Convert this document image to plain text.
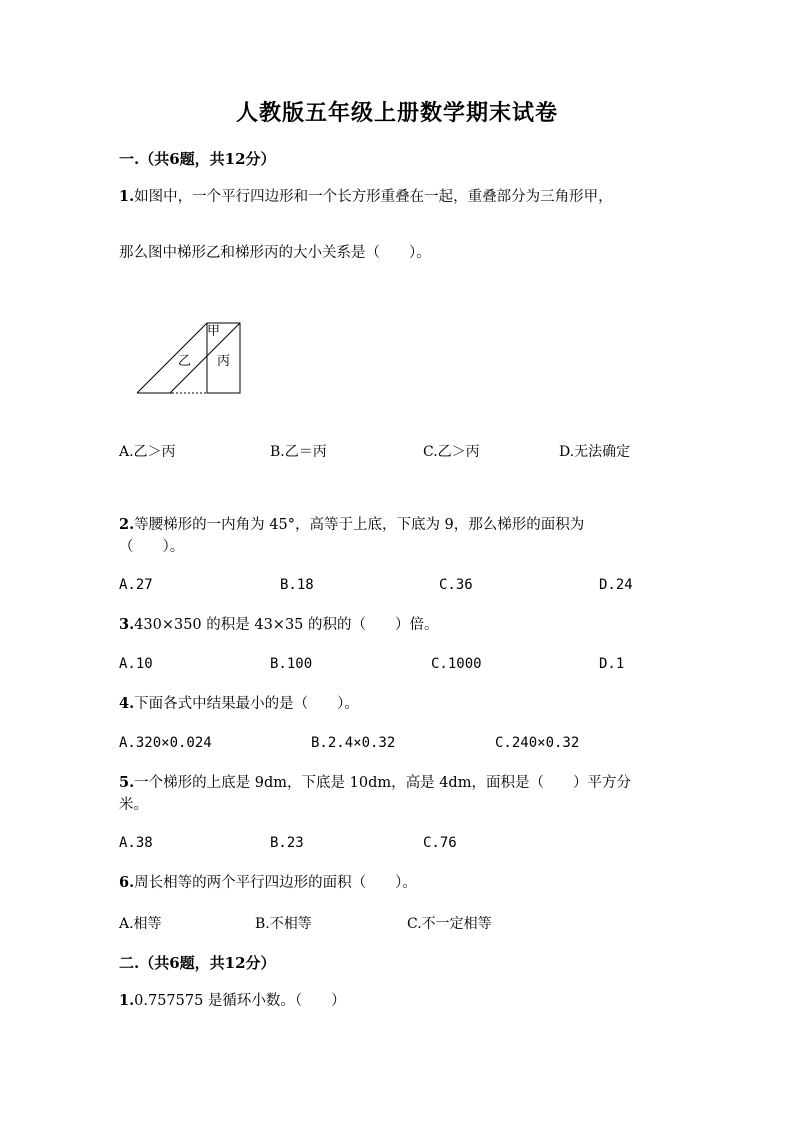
人教版五年级上册数学期末试卷
一.（共6题，共12分）
1.如图中，一个平行四边形和一个长方形重叠在一起，重叠部分为三角形甲，
那么图中梯形乙和梯形丙的大小关系是（　　）。
甲
乙 丙
A.乙＞丙	B.乙＝丙	C.乙＞丙	D.无法确定
2.等腰梯形的一内角为 45°，高等于上底，下底为 9，那么梯形的面积为
（　　）。
A.27	B.18	C.36	D.24
3.430×350 的积是 43×35 的积的（　　）倍。
A.10	B.100	C.1000	D.1
4.下面各式中结果最小的是（　　）。
A.320×0.024	B.2.4×0.32	C.240×0.32
5.一个梯形的上底是 9dm，下底是 10dm，高是 4dm，面积是（　　）平方分
米。
A.38	B.23	C.76
6.周长相等的两个平行四边形的面积（　　）。
A.相等	B.不相等	C.不一定相等
二.（共6题，共12分）
1.0.757575 是循环小数。（　　）
